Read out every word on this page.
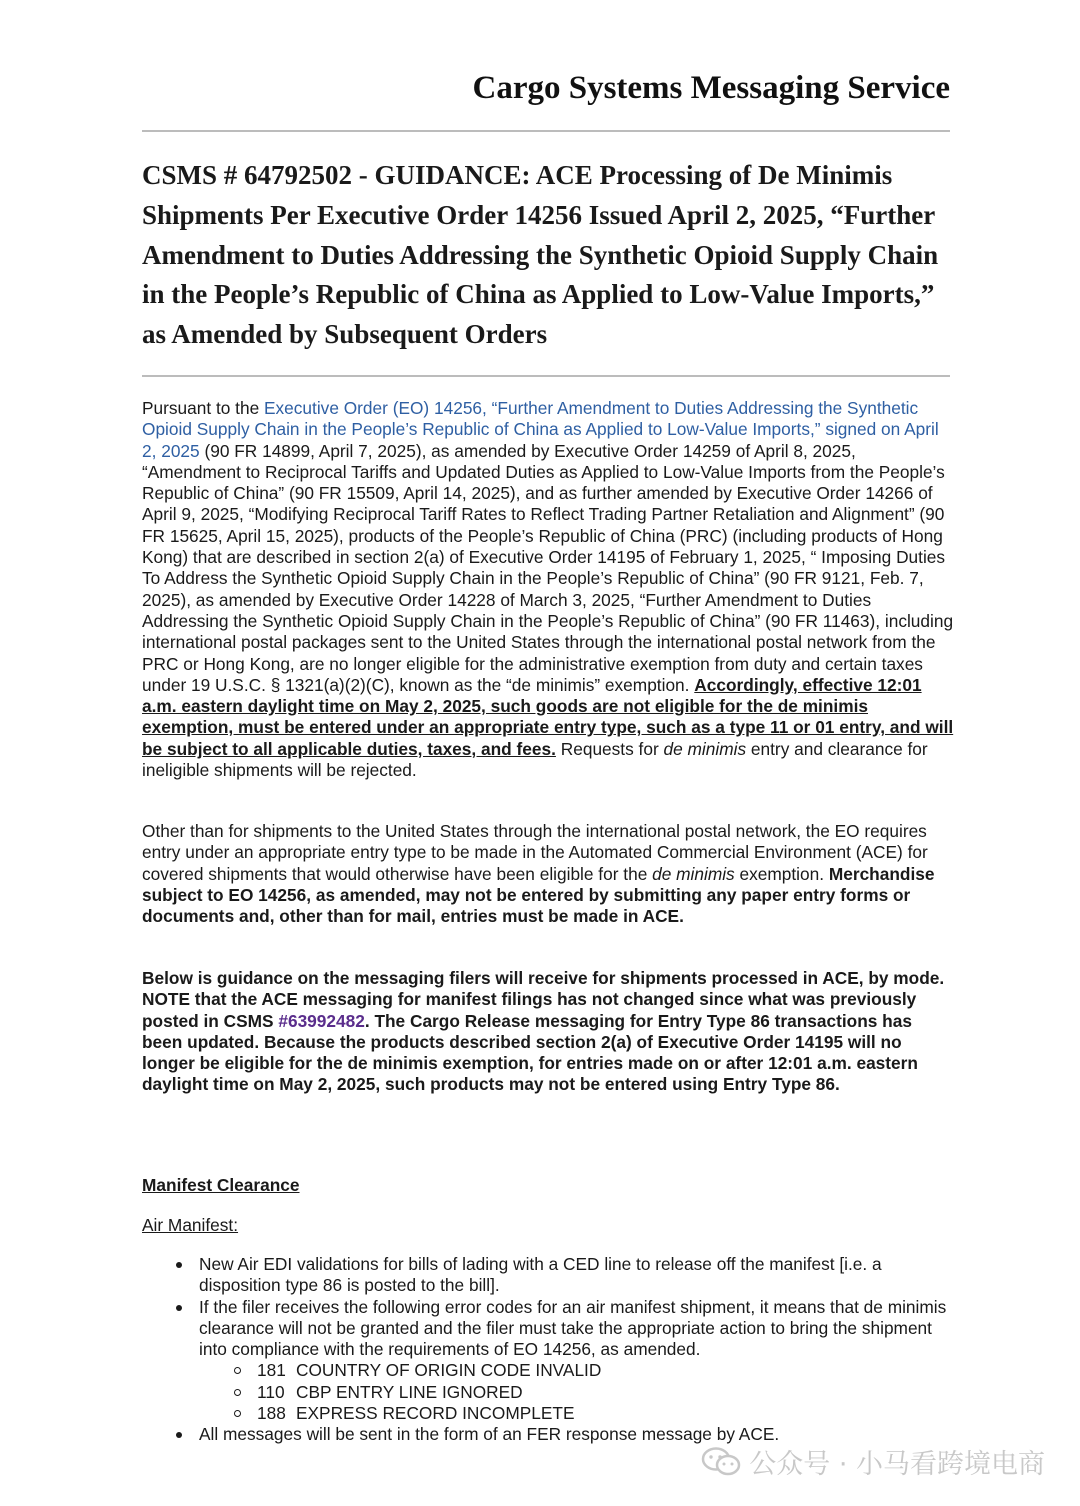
Cargo Systems Messaging Service
CSMS # 64792502 - GUIDANCE: ACE Processing of De Minimis Shipments Per Executive Order 14256 Issued April 2, 2025, “Further Amendment to Duties Addressing the Synthetic Opioid Supply Chain in the People’s Republic of China as Applied to Low-Value Imports,” as Amended by Subsequent Orders

Pursuant to the Executive Order (EO) 14256, “Further Amendment to Duties Addressing the Synthetic Opioid Supply Chain in the People’s Republic of China as Applied to Low-Value Imports,” signed on April 2, 2025 (90 FR 14899, April 7, 2025), as amended by Executive Order 14259 of April 8, 2025, “Amendment to Reciprocal Tariffs and Updated Duties as Applied to Low-Value Imports from the People’s Republic of China” (90 FR 15509, April 14, 2025), and as further amended by Executive Order 14266 of April 9, 2025, “Modifying Reciprocal Tariff Rates to Reflect Trading Partner Retaliation and Alignment” (90 FR 15625, April 15, 2025), products of the People’s Republic of China (PRC) (including products of Hong Kong) that are described in section 2(a) of Executive Order 14195 of February 1, 2025, “ Imposing Duties To Address the Synthetic Opioid Supply Chain in the People’s Republic of China” (90 FR 9121, Feb. 7, 2025), as amended by Executive Order 14228 of March 3, 2025, “Further Amendment to Duties Addressing the Synthetic Opioid Supply Chain in the People’s Republic of China” (90 FR 11463), including international postal packages sent to the United States through the international postal network from the PRC or Hong Kong, are no longer eligible for the administrative exemption from duty and certain taxes under 19 U.S.C. § 1321(a)(2)(C), known as the “de minimis” exemption. Accordingly, effective 12:01 a.m. eastern daylight time on May 2, 2025, such goods are not eligible for the de minimis exemption, must be entered under an appropriate entry type, such as a type 11 or 01 entry, and will be subject to all applicable duties, taxes, and fees. Requests for de minimis entry and clearance for ineligible shipments will be rejected.

Other than for shipments to the United States through the international postal network, the EO requires entry under an appropriate entry type to be made in the Automated Commercial Environment (ACE) for covered shipments that would otherwise have been eligible for the de minimis exemption. Merchandise subject to EO 14256, as amended, may not be entered by submitting any paper entry forms or documents and, other than for mail, entries must be made in ACE.

Below is guidance on the messaging filers will receive for shipments processed in ACE, by mode. NOTE that the ACE messaging for manifest filings has not changed since what was previously posted in CSMS #63992482. The Cargo Release messaging for Entry Type 86 transactions has been updated. Because the products described section 2(a) of Executive Order 14195 will no longer be eligible for the de minimis exemption, for entries made on or after 12:01 a.m. eastern daylight time on May 2, 2025, such products may not be entered using Entry Type 86.

Manifest Clearance
Air Manifest:
New Air EDI validations for bills of lading with a CED line to release off the manifest [i.e. a disposition type 86 is posted to the bill].
If the filer receives the following error codes for an air manifest shipment, it means that de minimis clearance will not be granted and the filer must take the appropriate action to bring the shipment into compliance with the requirements of EO 14256, as amended.
181 COUNTRY OF ORIGIN CODE INVALID
110 CBP ENTRY LINE IGNORED
188 EXPRESS RECORD INCOMPLETE
All messages will be sent in the form of an FER response message by ACE.
公众号 · 小马看跨境电商
